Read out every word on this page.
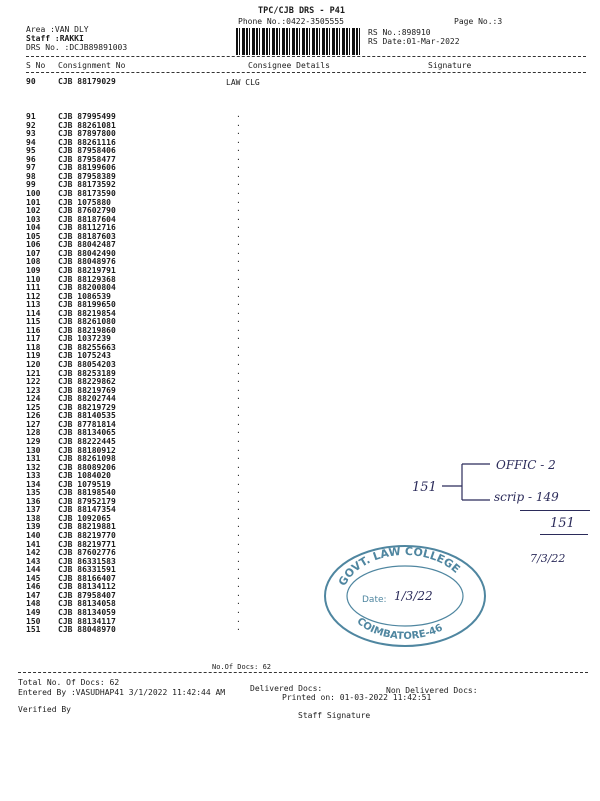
TPC/CJB DRS - P41
Phone No.:0422-3505555	Page No.:3
Area :VAN DLY
Staff :RAKKI
DRS No. :DCJB89891003
RS No.:898910
RS Date:01-Mar-2022
S No Consignment No	Consignee Details	Signature
90	CJB 88179029	LAW CLG
91	CJB 87995499	·
92	CJB 88261081	·
93	CJB 87897800	·
94	CJB 88261116	·
95	CJB 87958406	·
96	CJB 87958477	·
97	CJB 88199606	·
98	CJB 87958389	·
99	CJB 88173592	·
100	CJB 88173590	·
101	CJB 1075880	·
102	CJB 87602790	·
103	CJB 88187604	·
104	CJB 88112716	·
105	CJB 88187603	·
106	CJB 88042487	·
107	CJB 88042490	·
108	CJB 88048976	·
109	CJB 88219791	·
110	CJB 88129368	·
111	CJB 88200804	·
112	CJB 1086539	·
113	CJB 88199650	·
114	CJB 88219854	·
115	CJB 88261080	·
116	CJB 88219860	·
117	CJB 1037239	·
118	CJB 88255663	·
119	CJB 1075243	·
120	CJB 88054203	·
121	CJB 88253189	·
122	CJB 88229862	·
123	CJB 88219769	·
124	CJB 88202744	·
125	CJB 88219729	·
126	CJB 88140535	·
127	CJB 87781814	·
128	CJB 88134065	·
129	CJB 88222445	·
130	CJB 88180912	·
131	CJB 88261098	·
132	CJB 88089206	·
133	CJB 1084020	·
134	CJB 1079519	·
135	CJB 88198540	·
136	CJB 87952179	·
137	CJB 88147354	·
138	CJB 1092065	·
139	CJB 88219881	·
140	CJB 88219770	·
141	CJB 88219771	·
142	CJB 87602776	·
143	CJB 86331583	·
144	CJB 86331591	·
145	CJB 88166407	·
146	CJB 88134112	·
147	CJB 87958407	·
148	CJB 88134058	·
149	CJB 88134059	·
150	CJB 88134117	·
151	CJB 88048970	·
No.Of Docs: 62
Total No. Of Docs: 62
Delivered Docs:	Non Delivered Docs:
Entered By :VASUDHAP41 3/1/2022 11:42:44 AM
Printed on: 01-03-2022 11:42:51
Verified By
Staff Signature
151
OFFIC - 2
scrip - 149
151
7/3/22
GOVT. LAW COLLEGE
COIMBATORE-46
Date: 1/3/22
